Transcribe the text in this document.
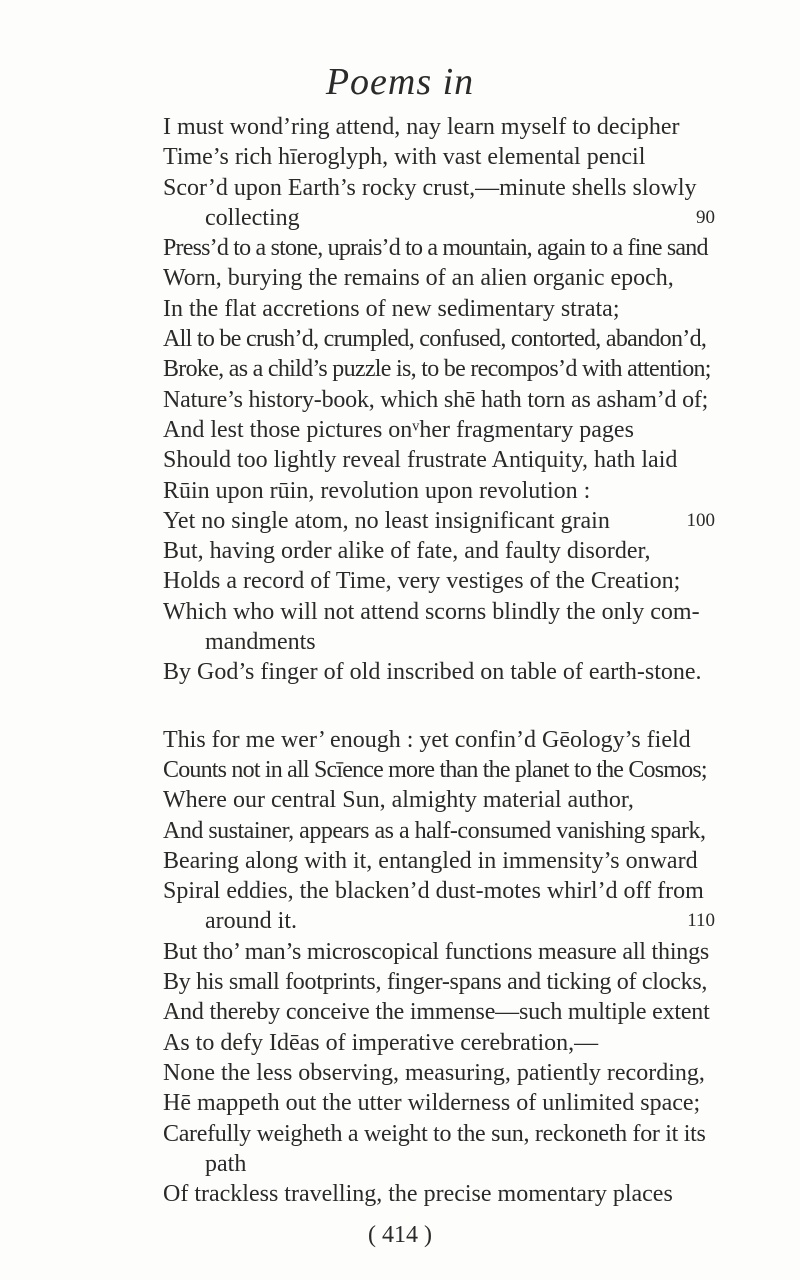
Poems in
I must wond’ring attend, nay learn myself to decipher
Time’s rich hīeroglyph, with vast elemental pencil
Scor’d upon Earth’s rocky crust,—minute shells slowly
collecting	90
Press’d to a stone, uprais’d to a mountain, again to a fine sand
Worn, burying the remains of an alien organic epoch,
In the flat accretions of new sedimentary strata;
All to be crush’d, crumpled, confused, contorted, abandon’d,
Broke, as a child’s puzzle is, to be recompos’d with attention;
Nature’s history-book, which shē hath torn as asham’d of;
And lest those pictures onᵛher fragmentary pages
Should too lightly reveal frustrate Antiquity, hath laid
Rūin upon rūin, revolution upon revolution :
Yet no single atom, no least insignificant grain	100
But, having order alike of fate, and faulty disorder,
Holds a record of Time, very vestiges of the Creation;
Which who will not attend scorns blindly the only com-
mandments
By God’s finger of old inscribed on table of earth-stone.
This for me wer’ enough : yet confin’d Gēology’s field
Counts not in all Scīence more than the planet to the Cosmos;
Where our central Sun, almighty material author,
And sustainer, appears as a half-consumed vanishing spark,
Bearing along with it, entangled in immensity’s onward
Spiral eddies, the blacken’d dust-motes whirl’d off from
around it.	110
But tho’ man’s microscopical functions measure all things
By his small footprints, finger-spans and ticking of clocks,
And thereby conceive the immense—such multiple extent
As to defy Idēas of imperative cerebration,—
None the less observing, measuring, patiently recording,
Hē mappeth out the utter wilderness of unlimited space;
Carefully weigheth a weight to the sun, reckoneth for it its
path
Of trackless travelling, the precise momentary places
( 414 )
